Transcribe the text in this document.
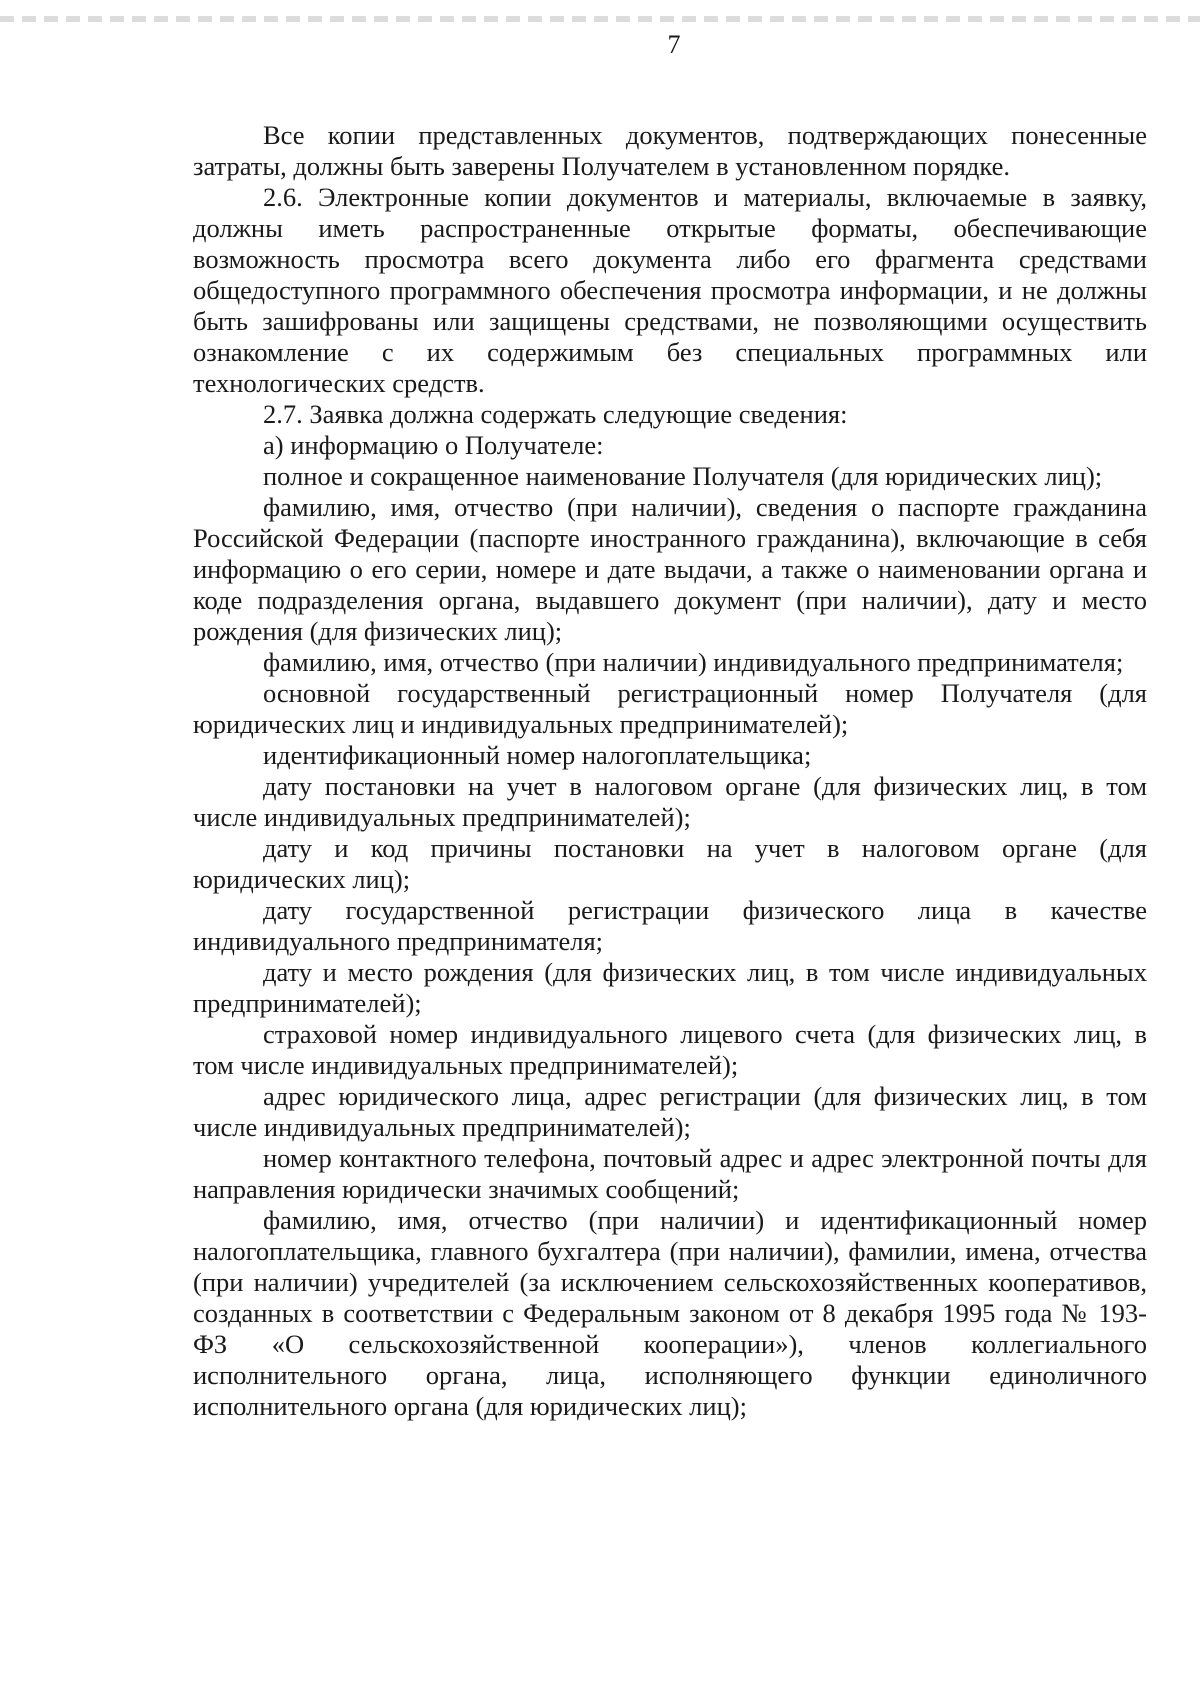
7

Все копии представленных документов, подтверждающих понесенные затраты, должны быть заверены Получателем в установленном порядке.

2.6. Электронные копии документов и материалы, включаемые в заявку, должны иметь распространенные открытые форматы, обеспечивающие возможность просмотра всего документа либо его фрагмента средствами общедоступного программного обеспечения просмотра информации, и не должны быть зашифрованы или защищены средствами, не позволяющими осуществить ознакомление с их содержимым без специальных программных или технологических средств.

2.7. Заявка должна содержать следующие сведения:

а) информацию о Получателе:

полное и сокращенное наименование Получателя (для юридических лиц);

фамилию, имя, отчество (при наличии), сведения о паспорте гражданина Российской Федерации (паспорте иностранного гражданина), включающие в себя информацию о его серии, номере и дате выдачи, а также о наименовании органа и коде подразделения органа, выдавшего документ (при наличии), дату и место рождения (для физических лиц);

фамилию, имя, отчество (при наличии) индивидуального предпринимателя;

основной государственный регистрационный номер Получателя (для юридических лиц и индивидуальных предпринимателей);

идентификационный номер налогоплательщика;

дату постановки на учет в налоговом органе (для физических лиц, в том числе индивидуальных предпринимателей);

дату и код причины постановки на учет в налоговом органе (для юридических лиц);

дату государственной регистрации физического лица в качестве индивидуального предпринимателя;

дату и место рождения (для физических лиц, в том числе индивидуальных предпринимателей);

страховой номер индивидуального лицевого счета (для физических лиц, в том числе индивидуальных предпринимателей);

адрес юридического лица, адрес регистрации (для физических лиц, в том числе индивидуальных предпринимателей);

номер контактного телефона, почтовый адрес и адрес электронной почты для направления юридически значимых сообщений;

фамилию, имя, отчество (при наличии) и идентификационный номер налогоплательщика, главного бухгалтера (при наличии), фамилии, имена, отчества (при наличии) учредителей (за исключением сельскохозяйственных кооперативов, созданных в соответствии с Федеральным законом от 8 декабря 1995 года № 193-ФЗ «О сельскохозяйственной кооперации»), членов коллегиального исполнительного органа, лица, исполняющего функции единоличного исполнительного органа (для юридических лиц);
